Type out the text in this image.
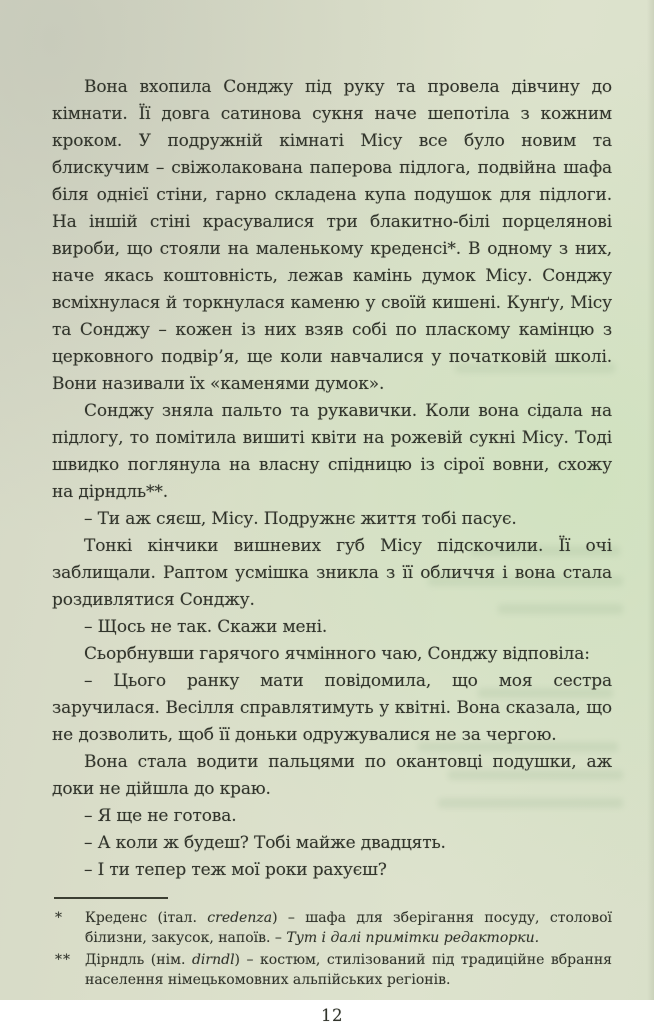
Вона вхопила Сонджу під руку та провела дівчину до кімнати. Її довга сатинова сукня наче шепотіла з кожним кроком. У подружній кімнаті Місу все було новим та блискучим – свіжолакована паперова підлога, подвійна шафа біля однієї стіни, гарно складена купа подушок для підлоги. На іншій стіні красувалися три блакитно-білі порцелянові вироби, що стояли на маленькому креденсі*. В одному з них, наче якась коштовність, лежав камінь думок Місу. Сонджу всміхнулася й торкнулася каменю у своїй кишені. Кунґу, Місу та Сонджу – кожен із них взяв собі по пласкому камінцю з церковного подвір’я, ще коли навчалися у початковій школі. Вони називали їх «каменями думок».

Сонджу зняла пальто та рукавички. Коли вона сідала на підлогу, то помітила вишиті квіти на рожевій сукні Місу. Тоді швидко поглянула на власну спідницю із сірої вовни, схожу на дірндль**.

– Ти аж сяєш, Місу. Подружнє життя тобі пасує.

Тонкі кінчики вишневих губ Місу підскочили. Її очі заблищали. Раптом усмішка зникла з її обличчя і вона стала роздивлятися Сонджу.

– Щось не так. Скажи мені.

Сьорбнувши гарячого ячмінного чаю, Сонджу відповіла:

– Цього ранку мати повідомила, що моя сестра заручилася. Весілля справлятимуть у квітні. Вона сказала, що не дозволить, щоб її доньки одружувалися не за чергою.

Вона стала водити пальцями по окантовці подушки, аж доки не дійшла до краю.

– Я ще не готова.

– А коли ж будеш? Тобі майже двадцять.

– І ти тепер теж мої роки рахуєш?

*	Креденс (італ. credenza) – шафа для зберігання посуду, столової білизни, закусок, напоїв. – Тут і далі примітки редакторки.
**	Дірндль (нім. dirndl) – костюм, стилізований під традиційне вбрання населення німецькомовних альпійських регіонів.
12
